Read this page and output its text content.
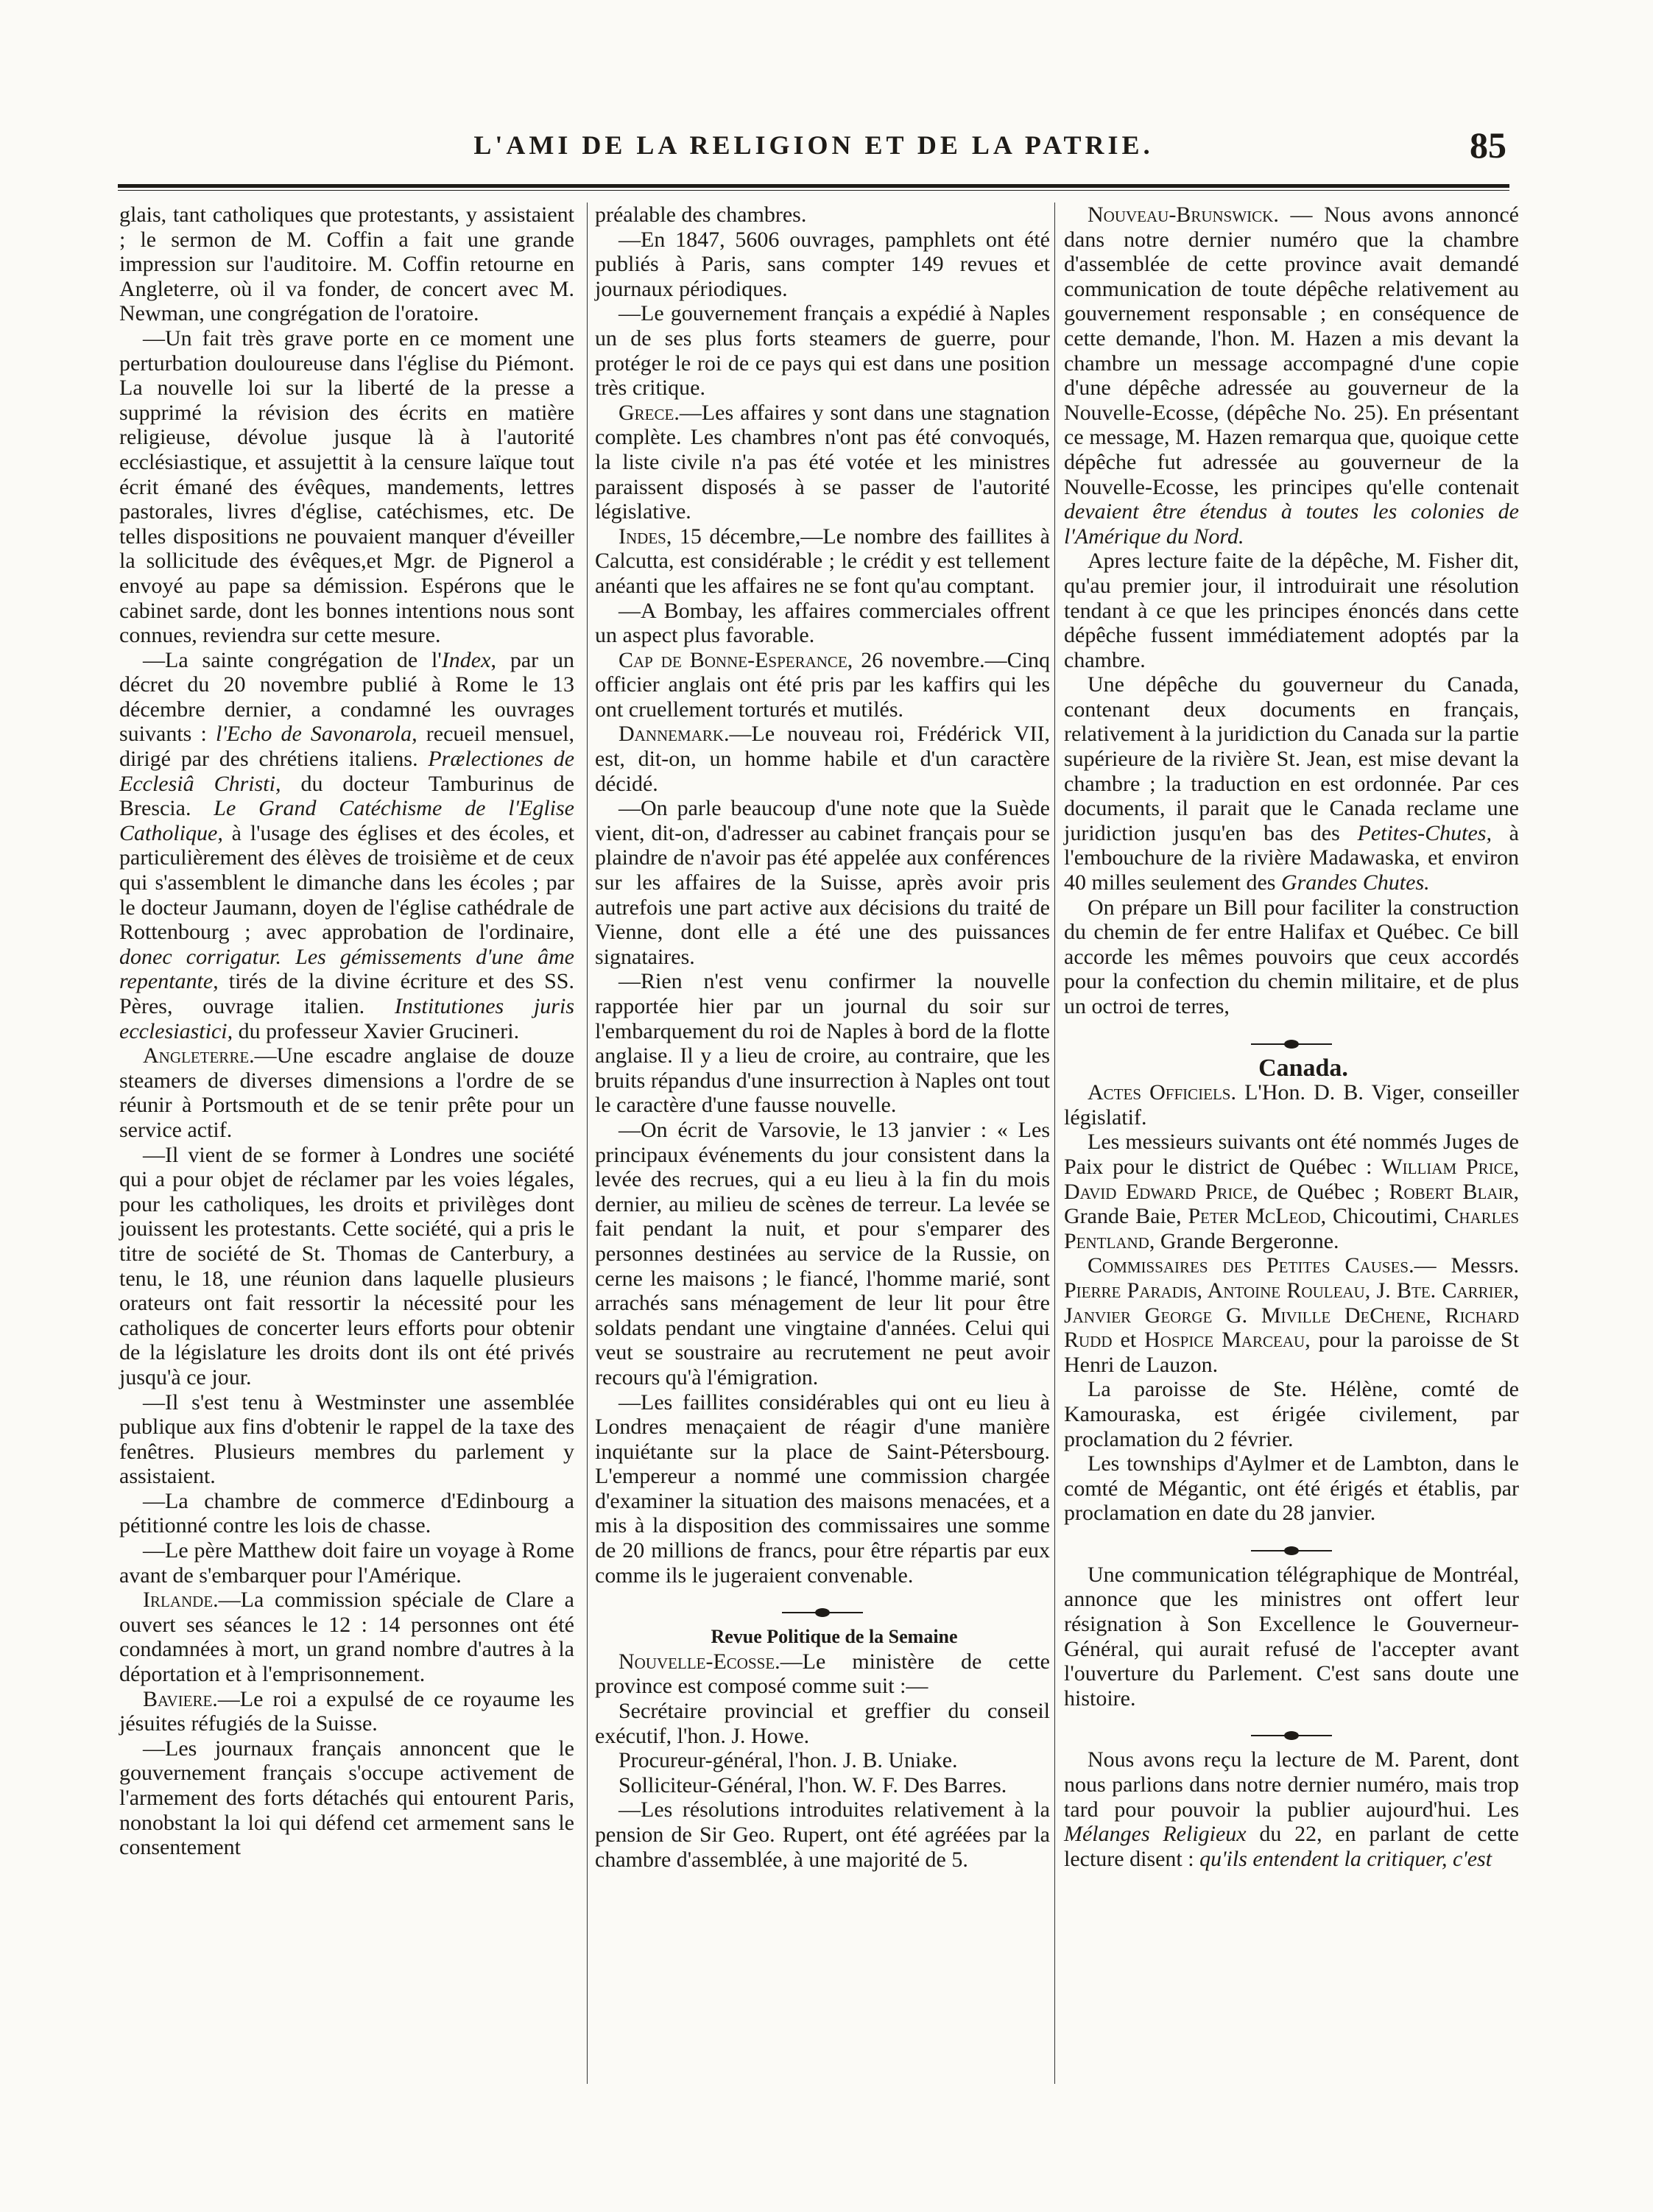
L'AMI DE LA RELIGION ET DE LA PATRIE.	85

glais, tant catholiques que protestants, y assistaient ; le sermon de M. Coffin a fait une grande impression sur l'auditoire. M. Coffin retourne en Angleterre, où il va fonder, de concert avec M. Newman, une congrégation de l'oratoire.

—Un fait très grave porte en ce moment une perturbation douloureuse dans l'église du Piémont. La nouvelle loi sur la liberté de la presse a supprimé la révision des écrits en matière religieuse, dévolue jusque là à l'autorité ecclésiastique, et assujettit à la censure laïque tout écrit émané des évêques, mandements, lettres pastorales, livres d'église, catéchismes, etc. De telles dispositions ne pouvaient manquer d'éveiller la sollicitude des évêques,et Mgr. de Pignerol a envoyé au pape sa démission. Espérons que le cabinet sarde, dont les bonnes intentions nous sont connues, reviendra sur cette mesure.

—La sainte congrégation de l'Index, par un décret du 20 novembre publié à Rome le 13 décembre dernier, a condamné les ouvrages suivants : l'Echo de Savonarola, recueil mensuel, dirigé par des chrétiens italiens. Prælectiones de Ecclesiâ Christi, du docteur Tamburinus de Brescia. Le Grand Catéchisme de l'Eglise Catholique, à l'usage des églises et des écoles, et particulièrement des élèves de troisième et de ceux qui s'assemblent le dimanche dans les écoles ; par le docteur Jaumann, doyen de l'église cathédrale de Rottenbourg ; avec approbation de l'ordinaire, donec corrigatur. Les gémissements d'une âme repentante, tirés de la divine écriture et des SS. Pères, ouvrage italien. Institutiones juris ecclesiastici, du professeur Xavier Grucineri.

Angleterre.—Une escadre anglaise de douze steamers de diverses dimensions a l'ordre de se réunir à Portsmouth et de se tenir prête pour un service actif.

—Il vient de se former à Londres une société qui a pour objet de réclamer par les voies légales, pour les catholiques, les droits et privilèges dont jouissent les protestants. Cette société, qui a pris le titre de société de St. Thomas de Canterbury, a tenu, le 18, une réunion dans laquelle plusieurs orateurs ont fait ressortir la nécessité pour les catholiques de concerter leurs efforts pour obtenir de la législature les droits dont ils ont été privés jusqu'à ce jour.

—Il s'est tenu à Westminster une assemblée publique aux fins d'obtenir le rappel de la taxe des fenêtres. Plusieurs membres du parlement y assistaient.

—La chambre de commerce d'Edinbourg a pétitionné contre les lois de chasse.

—Le père Matthew doit faire un voyage à Rome avant de s'embarquer pour l'Amérique.

Irlande.—La commission spéciale de Clare a ouvert ses séances le 12 : 14 personnes ont été condamnées à mort, un grand nombre d'autres à la déportation et à l'emprisonnement.

Baviere.—Le roi a expulsé de ce royaume les jésuites réfugiés de la Suisse.

—Les journaux français annoncent que le gouvernement français s'occupe activement de l'armement des forts détachés qui entourent Paris, nonobstant la loi qui défend cet armement sans le consentement

préalable des chambres.

—En 1847, 5606 ouvrages, pamphlets ont été publiés à Paris, sans compter 149 revues et journaux périodiques.

—Le gouvernement français a expédié à Naples un de ses plus forts steamers de guerre, pour protéger le roi de ce pays qui est dans une position très critique.

Grece.—Les affaires y sont dans une stagnation complète. Les chambres n'ont pas été convoqués, la liste civile n'a pas été votée et les ministres paraissent disposés à se passer de l'autorité législative.

Indes, 15 décembre,—Le nombre des faillites à Calcutta, est considérable ; le crédit y est tellement anéanti que les affaires ne se font qu'au comptant.

—A Bombay, les affaires commerciales offrent un aspect plus favorable.

Cap de Bonne-Esperance, 26 novembre.—Cinq officier anglais ont été pris par les kaffirs qui les ont cruellement torturés et mutilés.

Dannemark.—Le nouveau roi, Frédérick VII, est, dit-on, un homme habile et d'un caractère décidé.

—On parle beaucoup d'une note que la Suède vient, dit-on, d'adresser au cabinet français pour se plaindre de n'avoir pas été appelée aux conférences sur les affaires de la Suisse, après avoir pris autrefois une part active aux décisions du traité de Vienne, dont elle a été une des puissances signataires.

—Rien n'est venu confirmer la nouvelle rapportée hier par un journal du soir sur l'embarquement du roi de Naples à bord de la flotte anglaise. Il y a lieu de croire, au contraire, que les bruits répandus d'une insurrection à Naples ont tout le caractère d'une fausse nouvelle.

—On écrit de Varsovie, le 13 janvier : « Les principaux événements du jour consistent dans la levée des recrues, qui a eu lieu à la fin du mois dernier, au milieu de scènes de terreur. La levée se fait pendant la nuit, et pour s'emparer des personnes destinées au service de la Russie, on cerne les maisons ; le fiancé, l'homme marié, sont arrachés sans ménagement de leur lit pour être soldats pendant une vingtaine d'années. Celui qui veut se soustraire au recrutement ne peut avoir recours qu'à l'émigration.

—Les faillites considérables qui ont eu lieu à Londres menaçaient de réagir d'une manière inquiétante sur la place de Saint-Pétersbourg. L'empereur a nommé une commission chargée d'examiner la situation des maisons menacées, et a mis à la disposition des commissaires une somme de 20 millions de francs, pour être répartis par eux comme ils le jugeraient convenable.

Revue Politique de la Semaine

Nouvelle-Ecosse.—Le ministère de cette province est composé comme suit :—

Secrétaire provincial et greffier du conseil exécutif, l'hon. J. Howe.

Procureur-général, l'hon. J. B. Uniake.

Solliciteur-Général, l'hon. W. F. Des Barres.

—Les résolutions introduites relativement à la pension de Sir Geo. Rupert, ont été agréées par la chambre d'assemblée, à une majorité de 5.

Nouveau-Brunswick. — Nous avons annoncé dans notre dernier numéro que la chambre d'assemblée de cette province avait demandé communication de toute dépêche relativement au gouvernement responsable ; en conséquence de cette demande, l'hon. M. Hazen a mis devant la chambre un message accompagné d'une copie d'une dépêche adressée au gouverneur de la Nouvelle-Ecosse, (dépêche No. 25). En présentant ce message, M. Hazen remarqua que, quoique cette dépêche fut adressée au gouverneur de la Nouvelle-Ecosse, les principes qu'elle contenait devaient être étendus à toutes les colonies de l'Amérique du Nord.

Apres lecture faite de la dépêche, M. Fisher dit, qu'au premier jour, il introduirait une résolution tendant à ce que les principes énoncés dans cette dépêche fussent immédiatement adoptés par la chambre.

Une dépêche du gouverneur du Canada, contenant deux documents en français, relativement à la juridiction du Canada sur la partie supérieure de la rivière St. Jean, est mise devant la chambre ; la traduction en est ordonnée. Par ces documents, il parait que le Canada reclame une juridiction jusqu'en bas des Petites-Chutes, à l'embouchure de la rivière Madawaska, et environ 40 milles seulement des Grandes Chutes.

On prépare un Bill pour faciliter la construction du chemin de fer entre Halifax et Québec. Ce bill accorde les mêmes pouvoirs que ceux accordés pour la confection du chemin militaire, et de plus un octroi de terres,

Canada.

Actes Officiels. L'Hon. D. B. Viger, conseiller législatif.

Les messieurs suivants ont été nommés Juges de Paix pour le district de Québec : William Price, David Edward Price, de Québec ; Robert Blair, Grande Baie, Peter McLeod, Chicoutimi, Charles Pentland, Grande Bergeronne.

Commissaires des Petites Causes.— Messrs. Pierre Paradis, Antoine Rouleau, J. Bte. Carrier, Janvier George G. Miville DeChene, Richard Rudd et Hospice Marceau, pour la paroisse de St Henri de Lauzon.

La paroisse de Ste. Hélène, comté de Kamouraska, est érigée civilement, par proclamation du 2 février.

Les townships d'Aylmer et de Lambton, dans le comté de Mégantic, ont été érigés et établis, par proclamation en date du 28 janvier.

Une communication télégraphique de Montréal, annonce que les ministres ont offert leur résignation à Son Excellence le Gouverneur-Général, qui aurait refusé de l'accepter avant l'ouverture du Parlement. C'est sans doute une histoire.

Nous avons reçu la lecture de M. Parent, dont nous parlions dans notre dernier numéro, mais trop tard pour pouvoir la publier aujourd'hui. Les Mélanges Religieux du 22, en parlant de cette lecture disent : qu'ils entendent la critiquer, c'est
